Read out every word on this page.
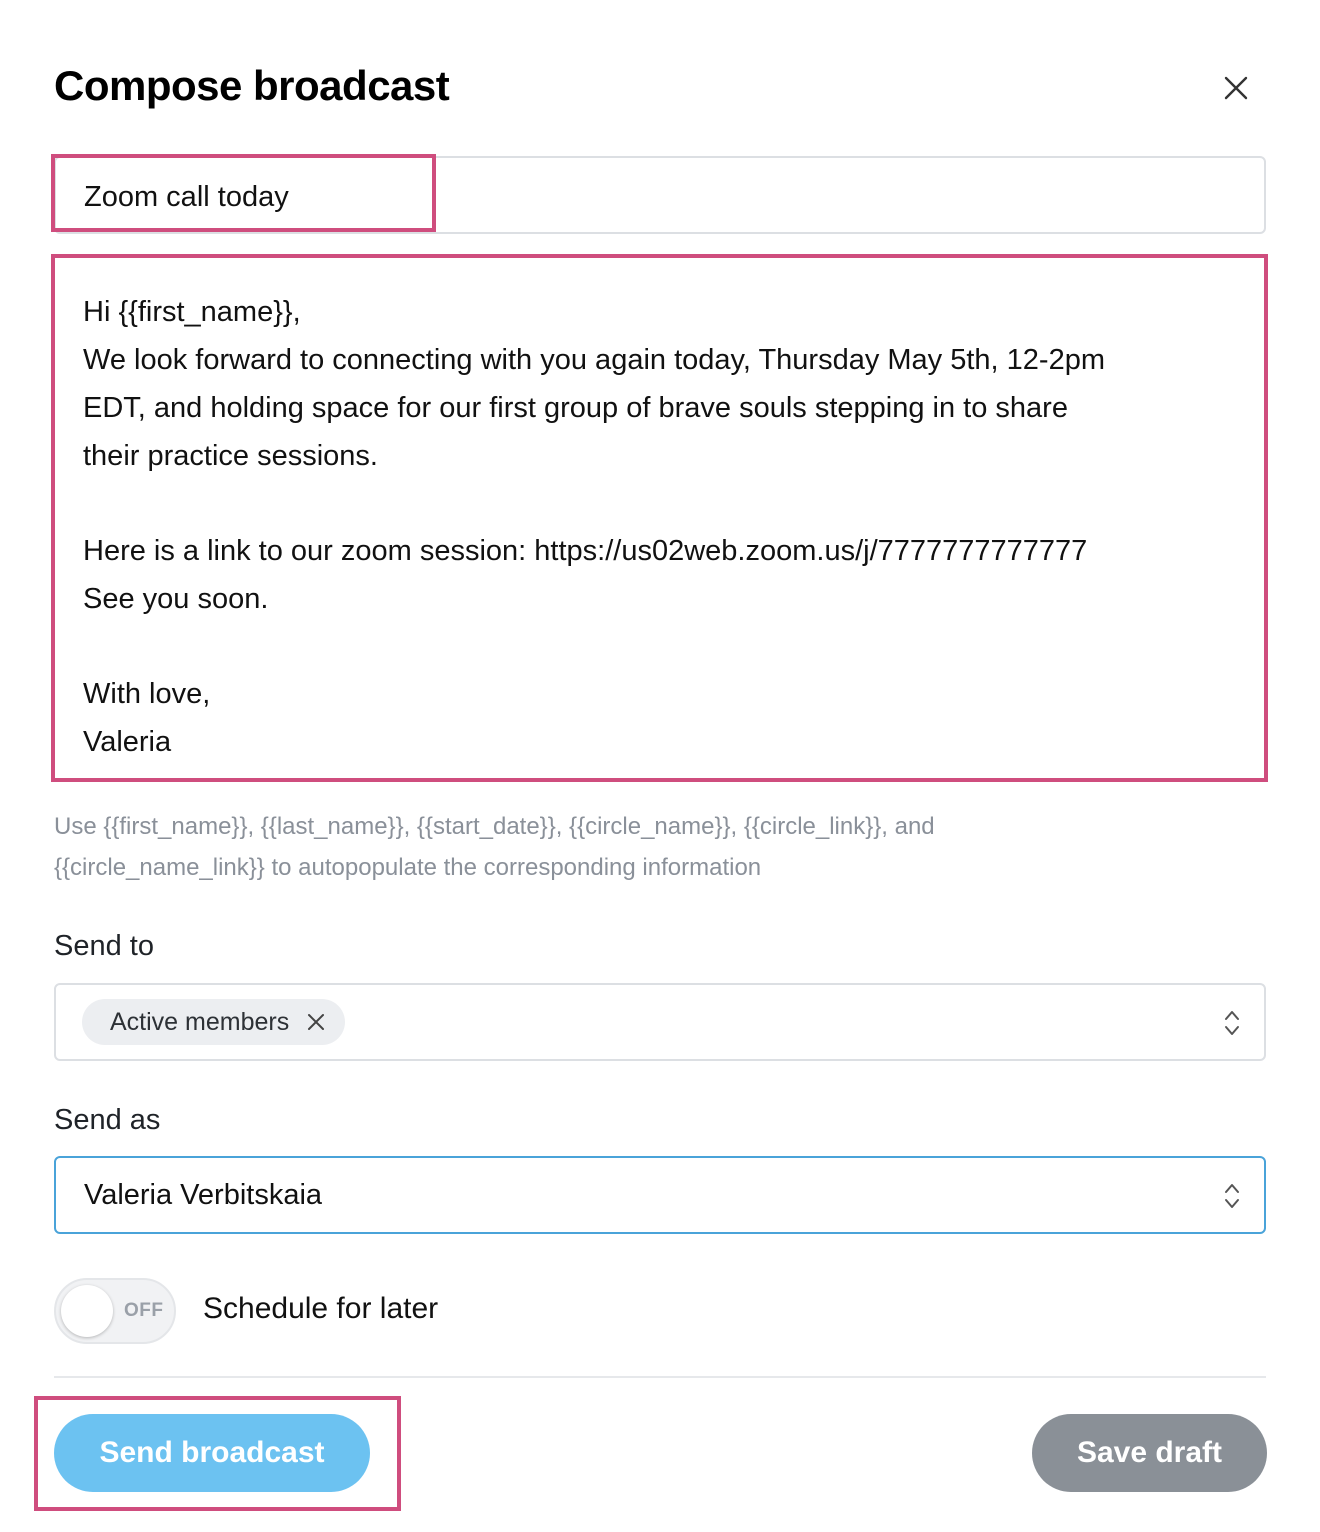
Compose broadcast
Zoom call today
Hi {{first_name}},
We look forward to connecting with you again today, Thursday May 5th, 12-2pm
EDT, and holding space for our first group of brave souls stepping in to share
their practice sessions.
Here is a link to our zoom session: https://us02web.zoom.us/j/7777777777777
See you soon.
With love,
Valeria
Use {{first_name}}, {{last_name}}, {{start_date}}, {{circle_name}}, {{circle_link}}, and
{{circle_name_link}} to autopopulate the corresponding information
Send to
Active members
Send as
Valeria Verbitskaia
OFF Schedule for later
Send broadcast	Save draft
